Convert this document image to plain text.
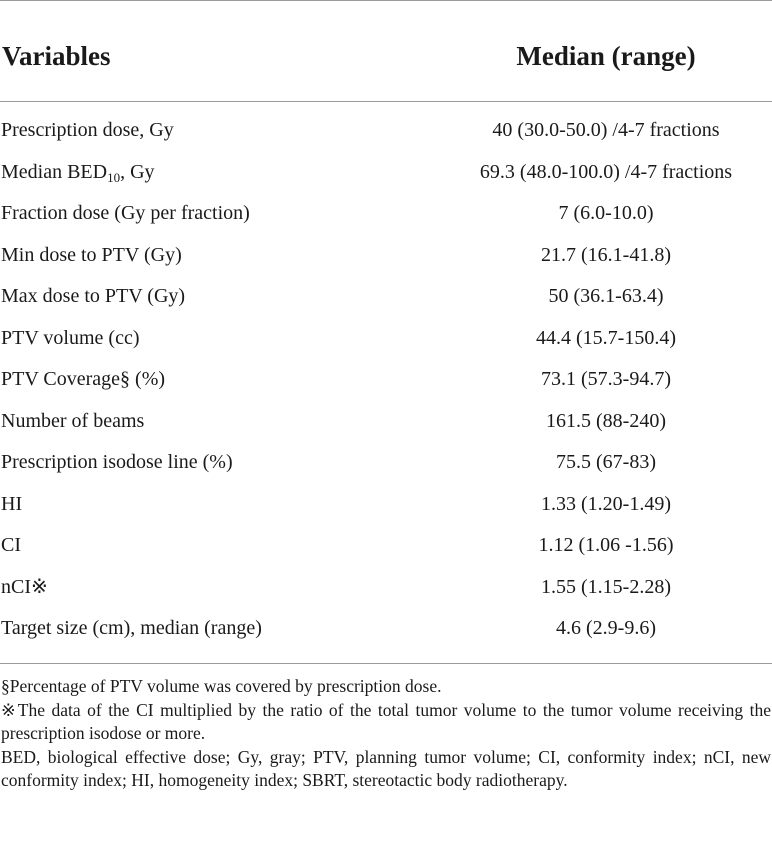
Variables	Median (range)
Prescription dose, Gy	40 (30.0-50.0) /4-7 fractions
Median $BED_{10}$, Gy	69.3 (48.0-100.0) /4-7 fractions
Fraction dose (Gy per fraction)	7 (6.0-10.0)
Min dose to PTV (Gy)	21.7 (16.1-41.8)
Max dose to PTV (Gy)	50 (36.1-63.4)
PTV volume (cc)	44.4 (15.7-150.4)
PTV Coverage§ (%)	73.1 (57.3-94.7)
Number of beams	161.5 (88-240)
Prescription isodose line (%)	75.5 (67-83)
HI	1.33 (1.20-1.49)
CI	1.12 (1.06 -1.56)
nCI※	1.55 (1.15-2.28)
Target size (cm), median (range)	4.6 (2.9-9.6)

§Percentage of PTV volume was covered by prescription dose.

※The data of the CI multiplied by the ratio of the total tumor volume to the tumor volume receiving the prescription isodose or more.

BED, biological effective dose; Gy, gray; PTV, planning tumor volume; CI, conformity index; nCI, new conformity index; HI, homogeneity index; SBRT, stereotactic body radiotherapy.
